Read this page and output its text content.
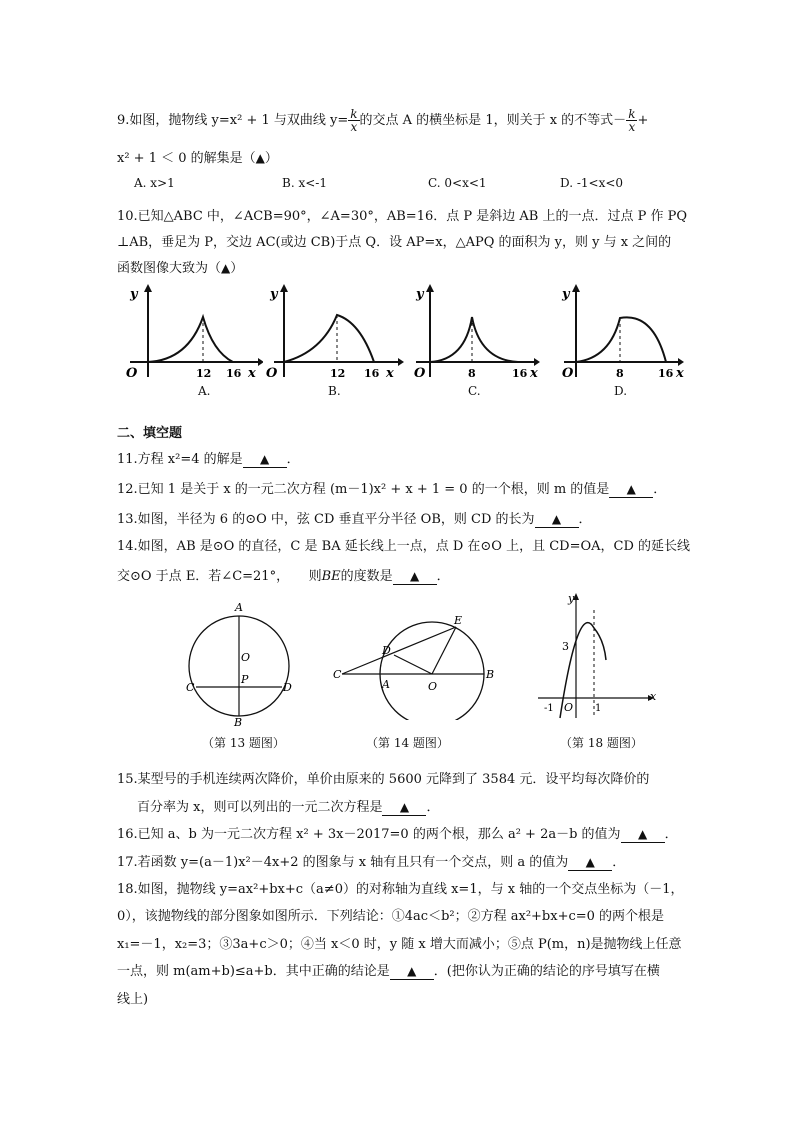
9.如图，抛物线 y=x² + 1 与双曲线 $y= \frac{k}{x}$ 的交点 A 的横坐标是 1，则关于 x 的不等式－ $\frac{k}{x}$ +
x² + 1 ＜ 0 的解集是（▲）
A. x>1	B. x<-1	C. 0<x<1	D. -1<x<0
10.已知△ABC 中，∠ACB=90°，∠A=30°，AB=16．点 P 是斜边 AB 上的一点．过点 P 作 PQ
⊥AB，垂足为 P，交边 AC(或边 CB)于点 Q．设 AP=x，△APQ 的面积为 y，则 y 与 x 之间的
函数图像大致为（▲）
y
O	12 16 x
A.
y
O	12 16 x
B.
y
O	8	16 x
C.
y
O	8	16 x
D.
二、填空题
11.方程 x²=4 的解是 ▲ ．
12.已知 1 是关于 x 的一元二次方程 (m－1)x² + x + 1 = 0 的一个根，则 m 的值是 ▲ ．
13.如图，半径为 6 的⊙O 中，弦 CD 垂直平分半径 OB，则 CD 的长为 ▲ ．
14.如图，AB 是⊙O 的直径，C 是 BA 延长线上一点，点 D 在⊙O 上，且 CD=OA，CD 的延长线
交⊙O 于点 E．若∠C=21°，　　则BE的度数是 ▲ ．
A
O
P
C	D
B
（第 13 题图）
C
D
E
A	O
B
（第 14 题图）
y
x
3
-1 O 1
（第 18 题图）
15.某型号的手机连续两次降价，单价由原来的 5600 元降到了 3584 元．设平均每次降价的
百分率为 x，则可以列出的一元二次方程是 ▲ ．
16.已知 a、b 为一元二次方程 x² + 3x－2017=0 的两个根，那么 a² + 2a－b 的值为 ▲ ．
17.若函数 y=(a－1)x²－4x+2 的图象与 x 轴有且只有一个交点，则 a 的值为 ▲ ．
18.如图，抛物线 y=ax²+bx+c（a≠0）的对称轴为直线 x=1，与 x 轴的一个交点坐标为（－1，
0），该抛物线的部分图象如图所示．下列结论：①4ac＜b²；②方程 ax²+bx+c=0 的两个根是
x₁=－1，x₂=3；③3a+c＞0；④当 x＜0 时，y 随 x 增大而减小；⑤点 P(m，n)是抛物线上任意
一点，则 m(am+b)≤a+b．其中正确的结论是 ▲ ．(把你认为正确的结论的序号填写在横
线上)
